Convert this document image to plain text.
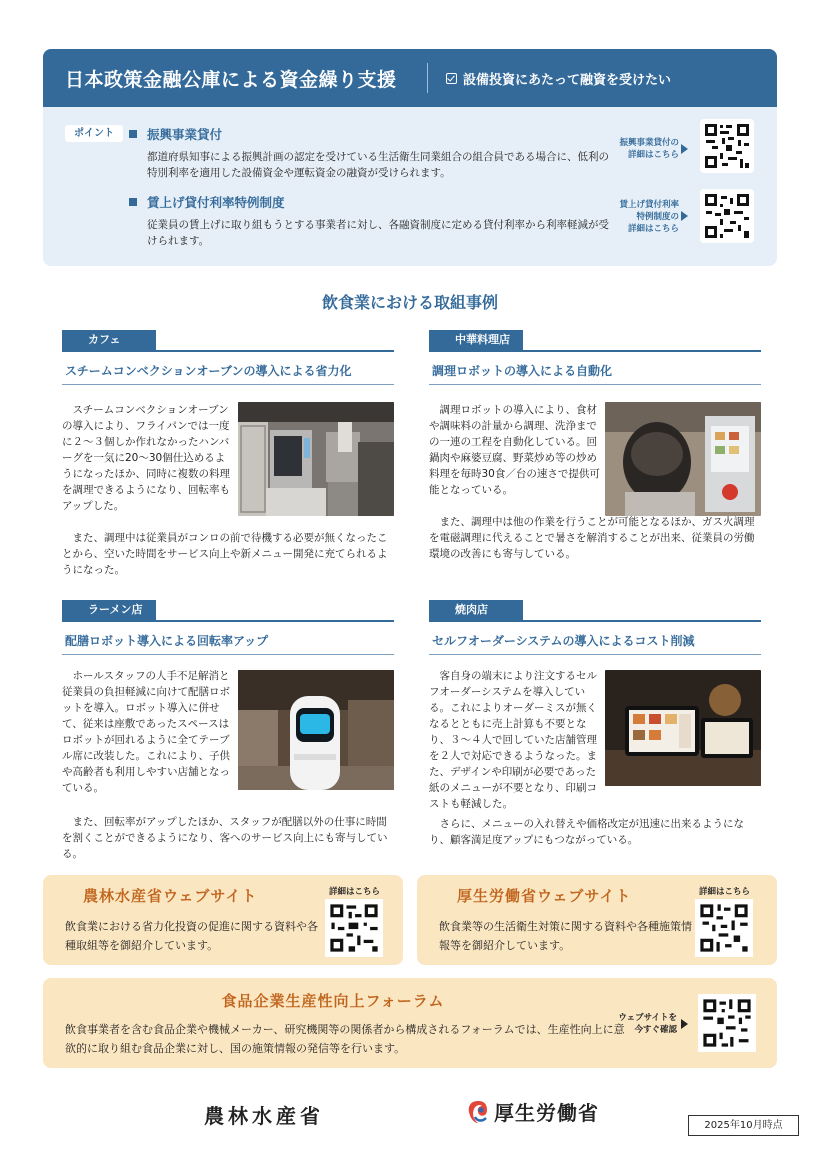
日本政策金融公庫による資金繰り支援	設備投資にあたって融資を受けたい
ポイント	振興事業貸付
都道府県知事による振興計画の認定を受けている生活衛生同業組合の組合員である場合に、低利の特別利率を適用した設備資金や運転資金の融資が受けられます。
賃上げ貸付利率特例制度
従業員の賃上げに取り組もうとする事業者に対し、各融資制度に定める貸付利率から利率軽減が受けられます。
振興事業貸付の
詳細はこちら
賃上げ貸付利率
特例制度の
詳細はこちら
飲食業における取組事例
カフェ
スチームコンベクションオーブンの導入による省力化
スチームコンベクションオーブンの導入により、フライパンでは一度に２～３個しか作れなかったハンバーグを一気に20～30個仕込めるようになったほか、同時に複数の料理を調理できるようになり、回転率もアップした。
また、調理中は従業員がコンロの前で待機する必要が無くなったことから、空いた時間をサービス向上や新メニュー開発に充てられるようになった。
中華料理店
調理ロボットの導入による自動化
調理ロボットの導入により、食材や調味料の計量から調理、洗浄までの一連の工程を自動化している。回鍋肉や麻婆豆腐、野菜炒め等の炒め料理を毎時30食／台の速さで提供可能となっている。
また、調理中は他の作業を行うことが可能となるほか、ガス火調理を電磁調理に代えることで暑さを解消することが出来、従業員の労働環境の改善にも寄与している。
ラーメン店
配膳ロボット導入による回転率アップ
ホールスタッフの人手不足解消と従業員の負担軽減に向けて配膳ロボットを導入。ロボット導入に併せて、従来は座敷であったスペースはロボットが回れるように全てテーブル席に改装した。これにより、子供や高齢者も利用しやすい店舗となっている。
また、回転率がアップしたほか、スタッフが配膳以外の仕事に時間を割くことができるようになり、客へのサービス向上にも寄与している。
焼肉店
セルフオーダーシステムの導入によるコスト削減
客自身の端末により注文するセルフオーダーシステムを導入している。これによりオーダーミスが無くなるとともに売上計算も不要となり、３～４人で回していた店舗管理を２人で対応できるようなった。また、デザインや印刷が必要であった紙のメニューが不要となり、印刷コストも軽減した。
さらに、メニューの入れ替えや価格改定が迅速に出来るようになり、顧客満足度アップにもつながっている。
農林水産省ウェブサイト	詳細はこちら
飲食業における省力化投資の促進に関する資料や各種取組等を御紹介しています。
厚生労働省ウェブサイト	詳細はこちら
飲食業等の生活衛生対策に関する資料や各種施策情報等を御紹介しています。
食品企業生産性向上フォーラム
飲食事業者を含む食品企業や機械メーカー、研究機関等の関係者から構成されるフォーラムでは、生産性向上に意欲的に取り組む食品企業に対し、国の施策情報の発信等を行います。
ウェブサイトを
今すぐ確認
農林水産省	厚生労働省
2025年10月時点
